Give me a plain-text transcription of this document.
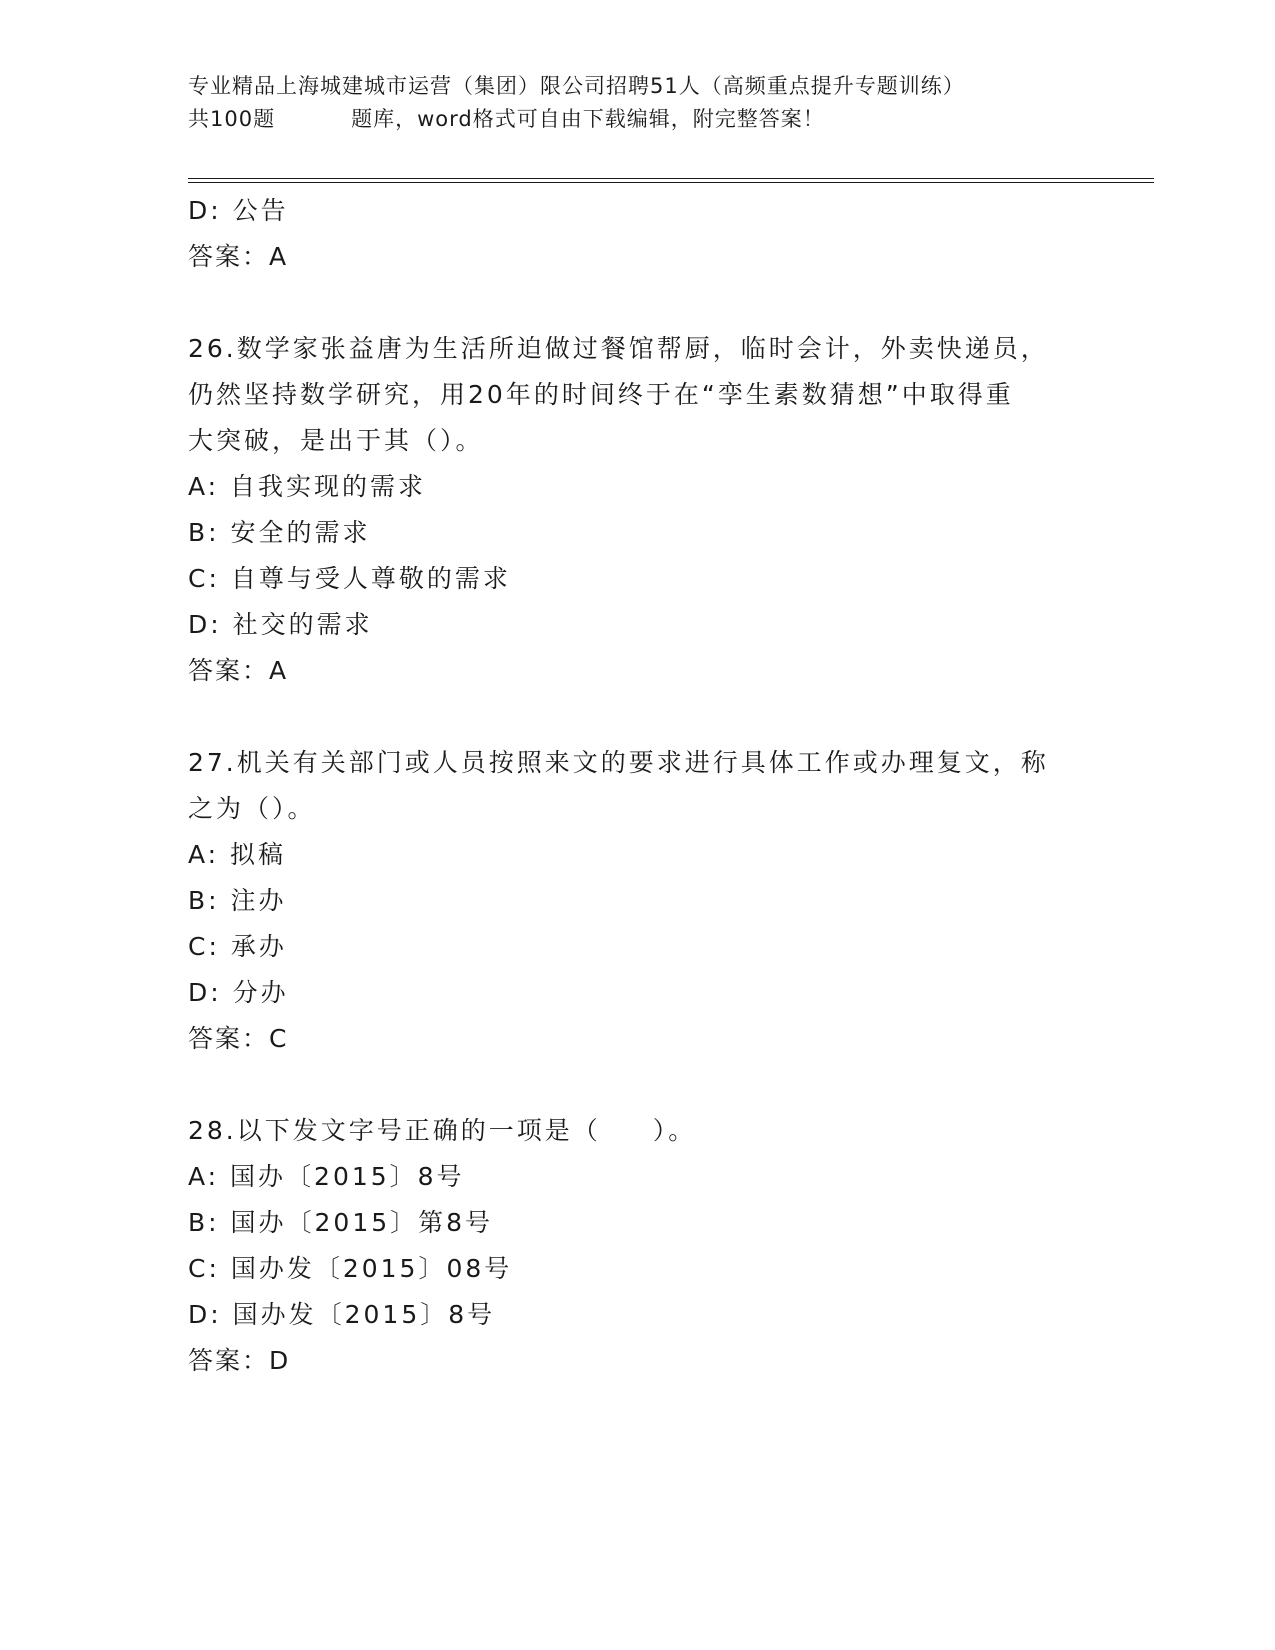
专业精品上海城建城市运营（集团）限公司招聘51人（高频重点提升专题训练）
共100题	题库，word格式可自由下载编辑，附完整答案！
D: 公告
答案：A
26.数学家张益唐为生活所迫做过餐馆帮厨，临时会计，外卖快递员，
仍然坚持数学研究，用20年的时间终于在“孪生素数猜想”中取得重
大突破，是出于其（）。
A: 自我实现的需求
B: 安全的需求
C: 自尊与受人尊敬的需求
D: 社交的需求
答案：A
27.机关有关部门或人员按照来文的要求进行具体工作或办理复文，称
之为（）。
A: 拟稿
B: 注办
C: 承办
D: 分办
答案：C
28.以下发文字号正确的一项是（ ）。
A: 国办〔2015〕8号
B: 国办〔2015〕第8号
C: 国办发〔2015〕08号
D: 国办发〔2015〕8号
答案：D
